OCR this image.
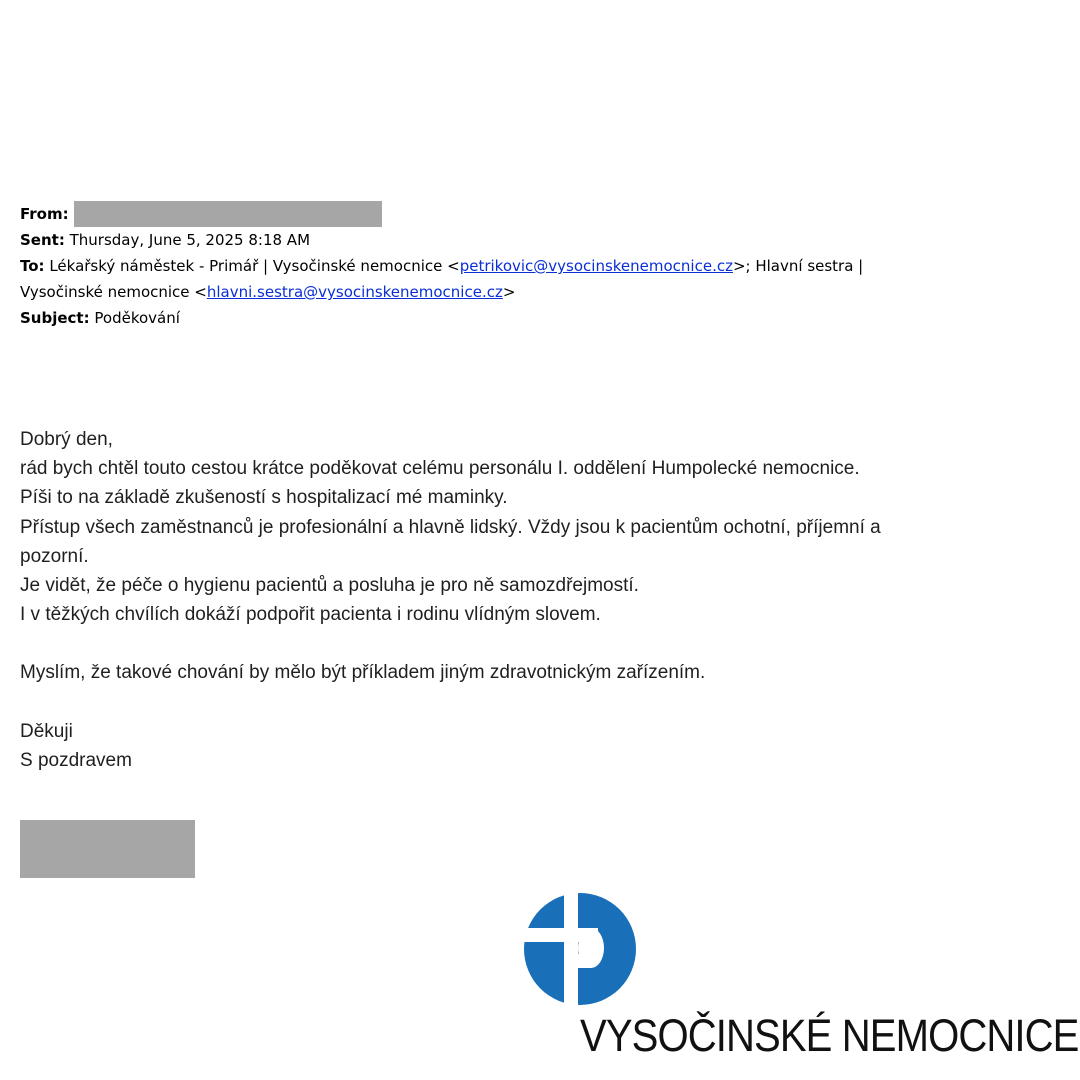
From:
Sent: Thursday, June 5, 2025 8:18 AM
To: Lékařský náměstek - Primář | Vysočinské nemocnice <petrikovic@vysocinskenemocnice.cz>; Hlavní sestra |
Vysočinské nemocnice <hlavni.sestra@vysocinskenemocnice.cz>
Subject: Poděkování

Dobrý den,

rád bych chtěl touto cestou krátce poděkovat celému personálu I. oddělení Humpolecké nemocnice.

Píši to na základě zkušeností s hospitalizací mé maminky.

Přístup všech zaměstnanců je profesionální a hlavně lidský. Vždy jsou k pacientům ochotní, příjemní a

pozorní.

Je vidět, že péče o hygienu pacientů a posluha je pro ně samozdřejmostí.

I v těžkých chvílích dokáží podpořit pacienta i rodinu vlídným slovem.

Myslím, že takové chování by mělo být příkladem jiným zdravotnickým zařízením.

Děkuji

S pozdravem

VYSOČINSKÉ NEMOCNICE
